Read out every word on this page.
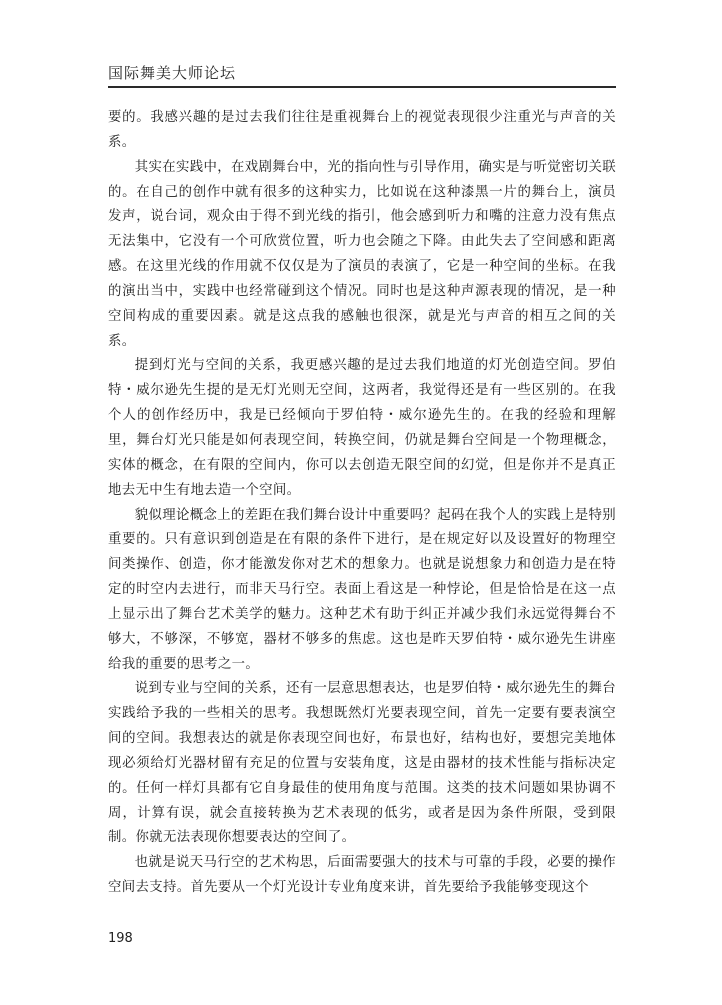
国际舞美大师论坛

要的。我感兴趣的是过去我们往往是重视舞台上的视觉表现很少注重光与声音的关系。

其实在实践中，在戏剧舞台中，光的指向性与引导作用，确实是与听觉密切关联的。在自己的创作中就有很多的这种实力，比如说在这种漆黑一片的舞台上，演员发声，说台词，观众由于得不到光线的指引，他会感到听力和嘴的注意力没有焦点无法集中，它没有一个可欣赏位置，听力也会随之下降。由此失去了空间感和距离感。在这里光线的作用就不仅仅是为了演员的表演了，它是一种空间的坐标。在我的演出当中，实践中也经常碰到这个情况。同时也是这种声源表现的情况，是一种空间构成的重要因素。就是这点我的感触也很深，就是光与声音的相互之间的关系。

提到灯光与空间的关系，我更感兴趣的是过去我们地道的灯光创造空间。罗伯特・威尔逊先生提的是无灯光则无空间，这两者，我觉得还是有一些区别的。在我个人的创作经历中，我是已经倾向于罗伯特・威尔逊先生的。在我的经验和理解里，舞台灯光只能是如何表现空间，转换空间，仍就是舞台空间是一个物理概念，实体的概念，在有限的空间内，你可以去创造无限空间的幻觉，但是你并不是真正地去无中生有地去造一个空间。

貌似理论概念上的差距在我们舞台设计中重要吗？起码在我个人的实践上是特别重要的。只有意识到创造是在有限的条件下进行，是在规定好以及设置好的物理空间类操作、创造，你才能激发你对艺术的想象力。也就是说想象力和创造力是在特定的时空内去进行，而非天马行空。表面上看这是一种悖论，但是恰恰是在这一点上显示出了舞台艺术美学的魅力。这种艺术有助于纠正并减少我们永远觉得舞台不够大，不够深，不够宽，器材不够多的焦虑。这也是昨天罗伯特・威尔逊先生讲座给我的重要的思考之一。

说到专业与空间的关系，还有一层意思想表达，也是罗伯特・威尔逊先生的舞台实践给予我的一些相关的思考。我想既然灯光要表现空间，首先一定要有要表演空间的空间。我想表达的就是你表现空间也好，布景也好，结构也好，要想完美地体现必须给灯光器材留有充足的位置与安装角度，这是由器材的技术性能与指标决定的。任何一样灯具都有它自身最佳的使用角度与范围。这类的技术问题如果协调不周，计算有误，就会直接转换为艺术表现的低劣，或者是因为条件所限，受到限制。你就无法表现你想要表达的空间了。

也就是说天马行空的艺术构思，后面需要强大的技术与可靠的手段，必要的操作空间去支持。首先要从一个灯光设计专业角度来讲，首先要给予我能够变现这个

198
